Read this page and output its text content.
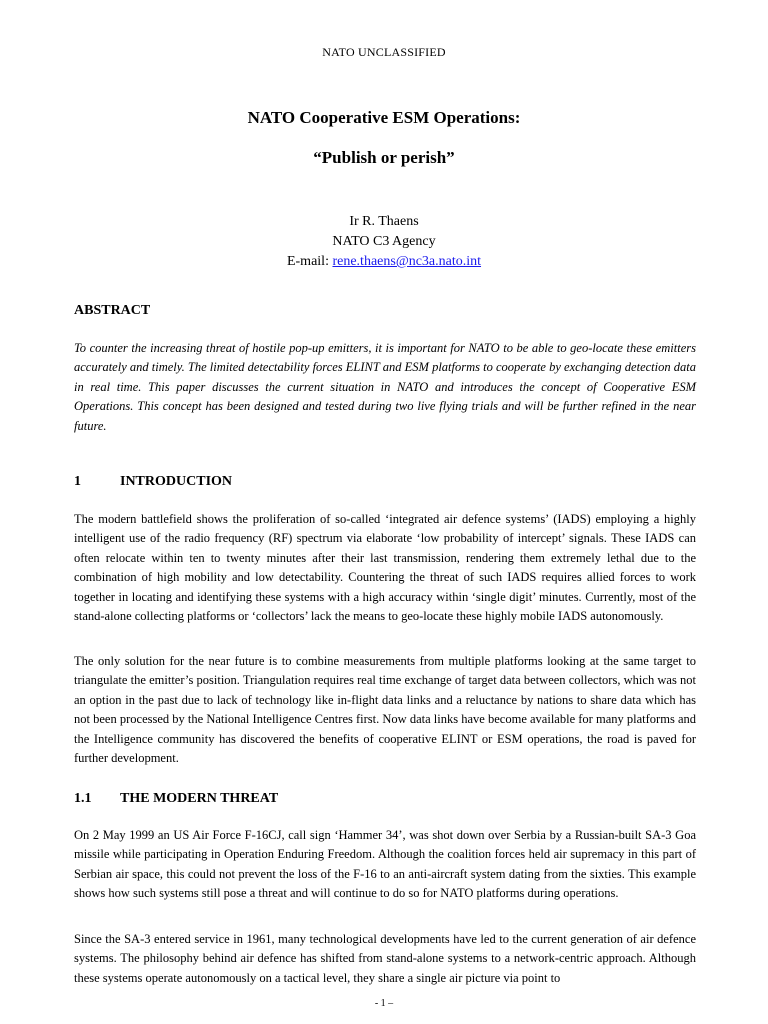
NATO UNCLASSIFIED
NATO Cooperative ESM Operations:
“Publish or perish”
Ir R. Thaens
NATO C3 Agency
E-mail: rene.thaens@nc3a.nato.int
ABSTRACT

To counter the increasing threat of hostile pop-up emitters, it is important for NATO to be able to geo-locate these emitters accurately and timely. The limited detectability forces ELINT and ESM platforms to cooperate by exchanging detection data in real time. This paper discusses the current situation in NATO and introduces the concept of Cooperative ESM Operations. This concept has been designed and tested during two live flying trials and will be further refined in the near future.

1	INTRODUCTION

The modern battlefield shows the proliferation of so-called ‘integrated air defence systems’ (IADS) employing a highly intelligent use of the radio frequency (RF) spectrum via elaborate ‘low probability of intercept’ signals. These IADS can often relocate within ten to twenty minutes after their last transmission, rendering them extremely lethal due to the combination of high mobility and low detectability. Countering the threat of such IADS requires allied forces to work together in locating and identifying these systems with a high accuracy within ‘single digit’ minutes. Currently, most of the stand-alone collecting platforms or ‘collectors’ lack the means to geo-locate these highly mobile IADS autonomously.

The only solution for the near future is to combine measurements from multiple platforms looking at the same target to triangulate the emitter’s position. Triangulation requires real time exchange of target data between collectors, which was not an option in the past due to lack of technology like in-flight data links and a reluctance by nations to share data which has not been processed by the National Intelligence Centres first. Now data links have become available for many platforms and the Intelligence community has discovered the benefits of cooperative ELINT or ESM operations, the road is paved for further development.

1.1 THE MODERN THREAT

On 2 May 1999 an US Air Force F-16CJ, call sign ‘Hammer 34’, was shot down over Serbia by a Russian-built SA-3 Goa missile while participating in Operation Enduring Freedom. Although the coalition forces held air supremacy in this part of Serbian air space, this could not prevent the loss of the F-16 to an anti-aircraft system dating from the sixties. This example shows how such systems still pose a threat and will continue to do so for NATO platforms during operations.

Since the SA-3 entered service in 1961, many technological developments have led to the current generation of air defence systems. The philosophy behind air defence has shifted from stand-alone systems to a network-centric approach. Although these systems operate autonomously on a tactical level, they share a single air picture via point to

- 1 –
